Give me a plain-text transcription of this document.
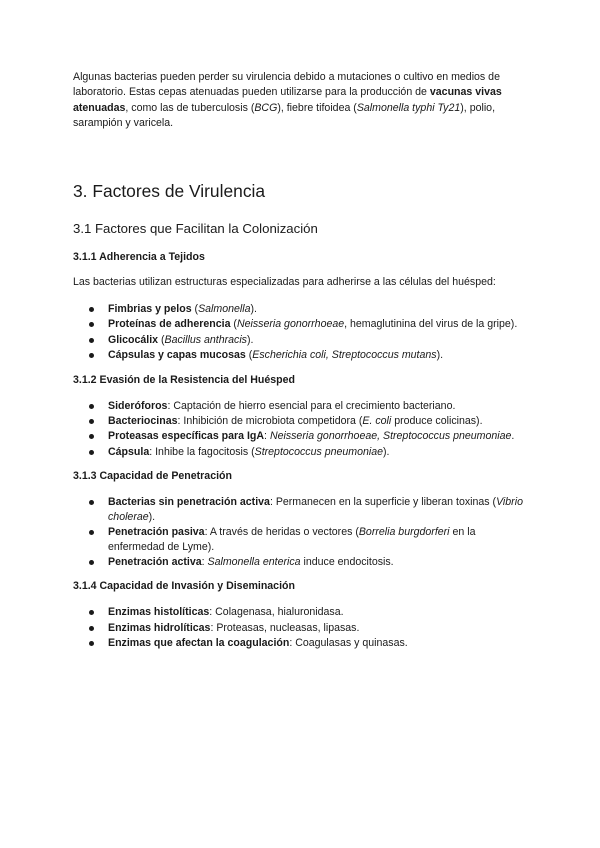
Algunas bacterias pueden perder su virulencia debido a mutaciones o cultivo en medios de laboratorio. Estas cepas atenuadas pueden utilizarse para la producción de vacunas vivas atenuadas, como las de tuberculosis (BCG), fiebre tifoidea (Salmonella typhi Ty21), polio, sarampión y varicela.

3. Factores de Virulencia
3.1 Factores que Facilitan la Colonización
3.1.1 Adherencia a Tejidos

Las bacterias utilizan estructuras especializadas para adherirse a las células del huésped:

Fimbrias y pelos (Salmonella).
Proteínas de adherencia (Neisseria gonorrhoeae, hemaglutinina del virus de la gripe).
Glicocálix (Bacillus anthracis).
Cápsulas y capas mucosas (Escherichia coli, Streptococcus mutans).
3.1.2 Evasión de la Resistencia del Huésped
Sideróforos: Captación de hierro esencial para el crecimiento bacteriano.
Bacteriocinas: Inhibición de microbiota competidora (E. coli produce colicinas).
Proteasas específicas para IgA: Neisseria gonorrhoeae, Streptococcus pneumoniae.
Cápsula: Inhibe la fagocitosis (Streptococcus pneumoniae).
3.1.3 Capacidad de Penetración
Bacterias sin penetración activa: Permanecen en la superficie y liberan toxinas (Vibrio cholerae).
Penetración pasiva: A través de heridas o vectores (Borrelia burgdorferi en la enfermedad de Lyme).
Penetración activa: Salmonella enterica induce endocitosis.
3.1.4 Capacidad de Invasión y Diseminación
Enzimas histolíticas: Colagenasa, hialuronidasa.
Enzimas hidrolíticas: Proteasas, nucleasas, lipasas.
Enzimas que afectan la coagulación: Coagulasas y quinasas.
